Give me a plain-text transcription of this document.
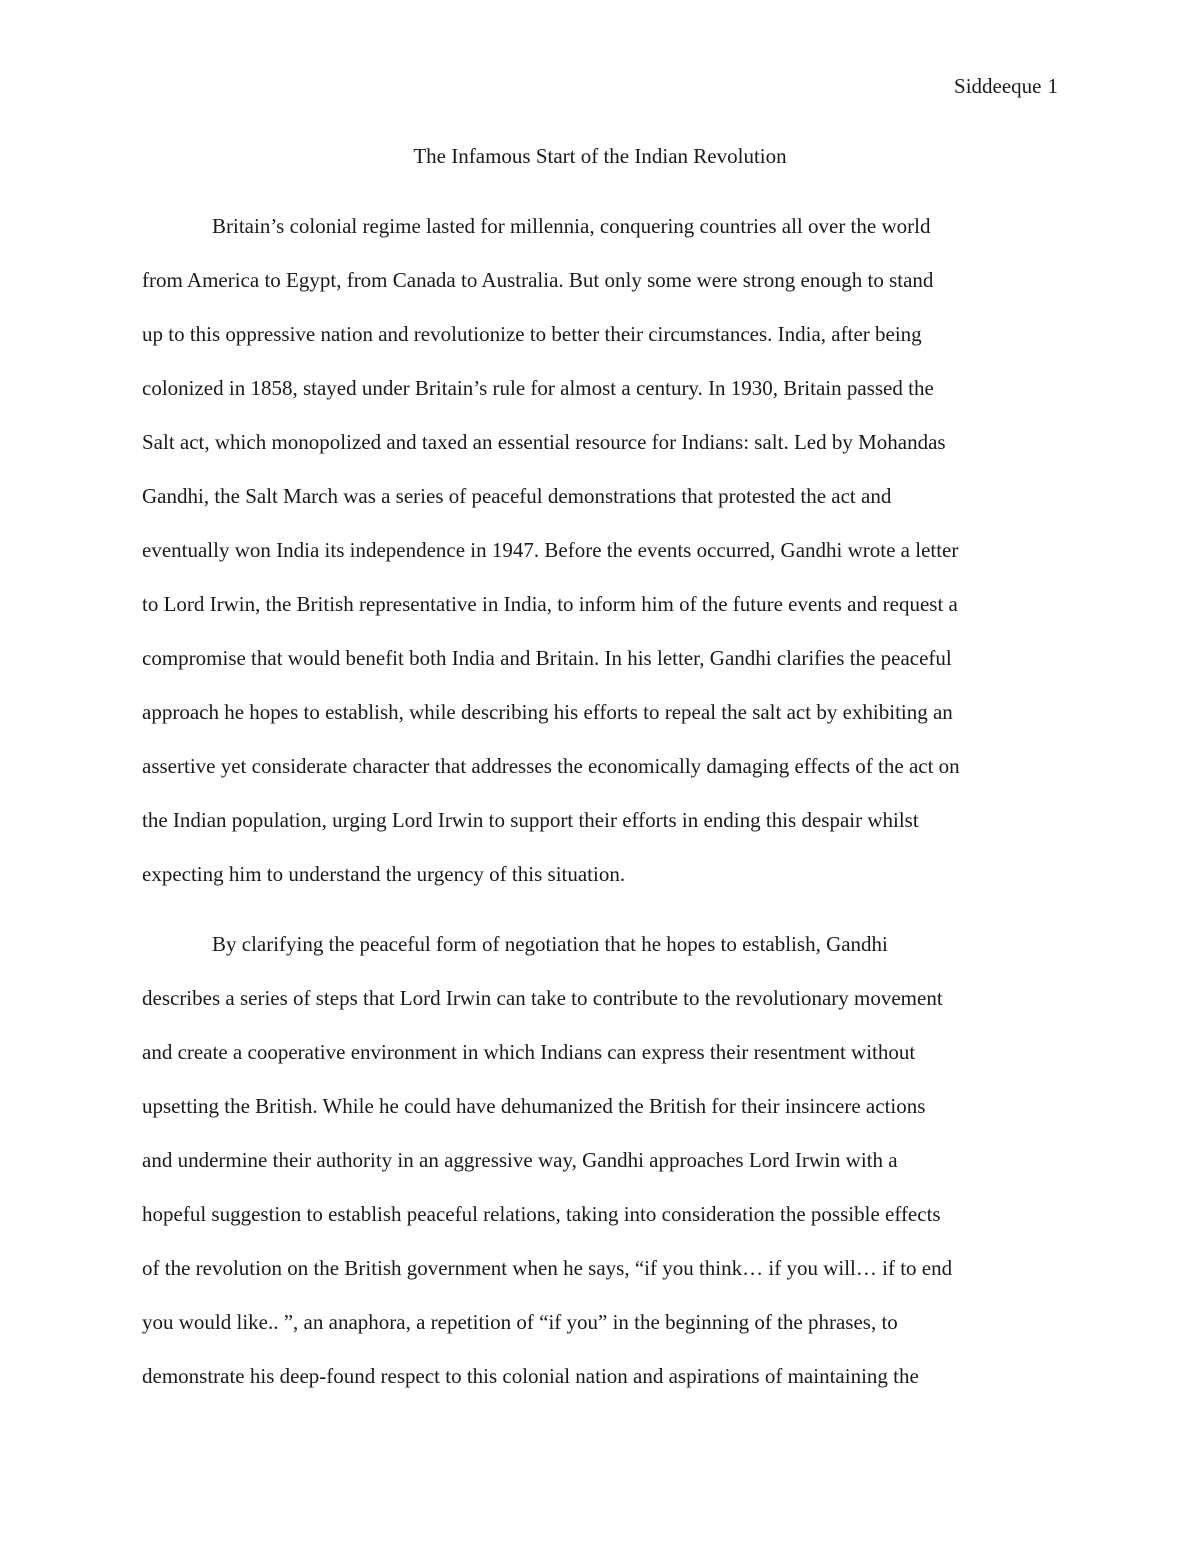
Siddeeque 1
The Infamous Start of the Indian Revolution
Britain’s colonial regime lasted for millennia, conquering countries all over the world
from America to Egypt, from Canada to Australia. But only some were strong enough to stand
up to this oppressive nation and revolutionize to better their circumstances. India, after being
colonized in 1858, stayed under Britain’s rule for almost a century. In 1930, Britain passed the
Salt act, which monopolized and taxed an essential resource for Indians: salt. Led by Mohandas
Gandhi, the Salt March was a series of peaceful demonstrations that protested the act and
eventually won India its independence in 1947. Before the events occurred, Gandhi wrote a letter
to Lord Irwin, the British representative in India, to inform him of the future events and request a
compromise that would benefit both India and Britain. In his letter, Gandhi clarifies the peaceful
approach he hopes to establish, while describing his efforts to repeal the salt act by exhibiting an
assertive yet considerate character that addresses the economically damaging effects of the act on
the Indian population, urging Lord Irwin to support their efforts in ending this despair whilst
expecting him to understand the urgency of this situation.
By clarifying the peaceful form of negotiation that he hopes to establish, Gandhi
describes a series of steps that Lord Irwin can take to contribute to the revolutionary movement
and create a cooperative environment in which Indians can express their resentment without
upsetting the British. While he could have dehumanized the British for their insincere actions
and undermine their authority in an aggressive way, Gandhi approaches Lord Irwin with a
hopeful suggestion to establish peaceful relations, taking into consideration the possible effects
of the revolution on the British government when he says, “if you think… if you will… if to end
you would like.. ”, an anaphora, a repetition of “if you” in the beginning of the phrases, to
demonstrate his deep-found respect to this colonial nation and aspirations of maintaining the
